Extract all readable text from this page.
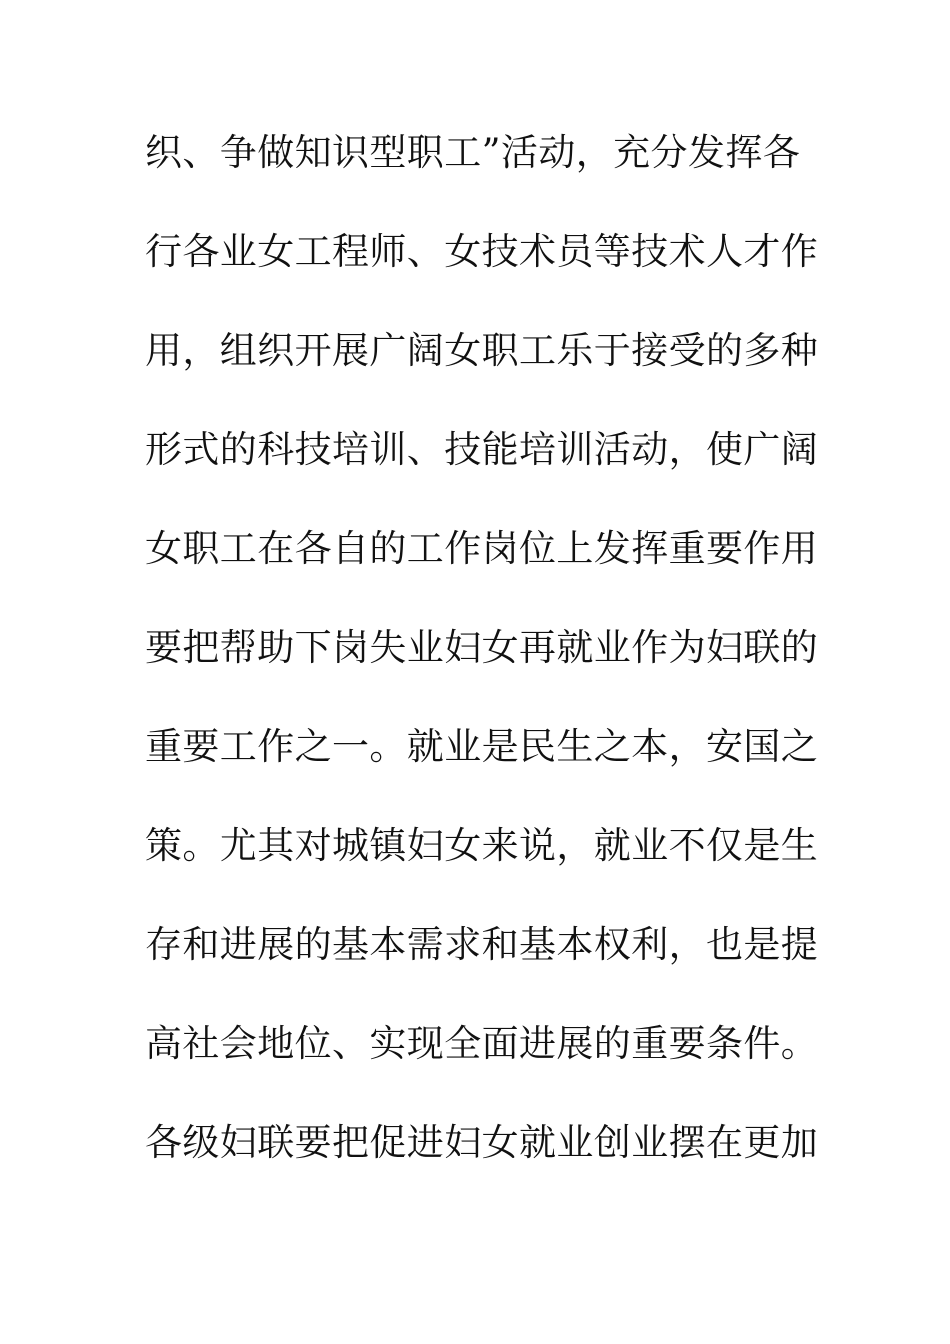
织、争做知识型职工”活动，充分发挥各
行各业女工程师、女技术员等技术人才作
用，组织开展广阔女职工乐于接受的多种
形式的科技培训、技能培训活动，使广阔
女职工在各自的工作岗位上发挥重要作用
要把帮助下岗失业妇女再就业作为妇联的
重要工作之一。就业是民生之本，安国之
策。尤其对城镇妇女来说，就业不仅是生
存和进展的基本需求和基本权利，也是提
高社会地位、实现全面进展的重要条件。
各级妇联要把促进妇女就业创业摆在更加
